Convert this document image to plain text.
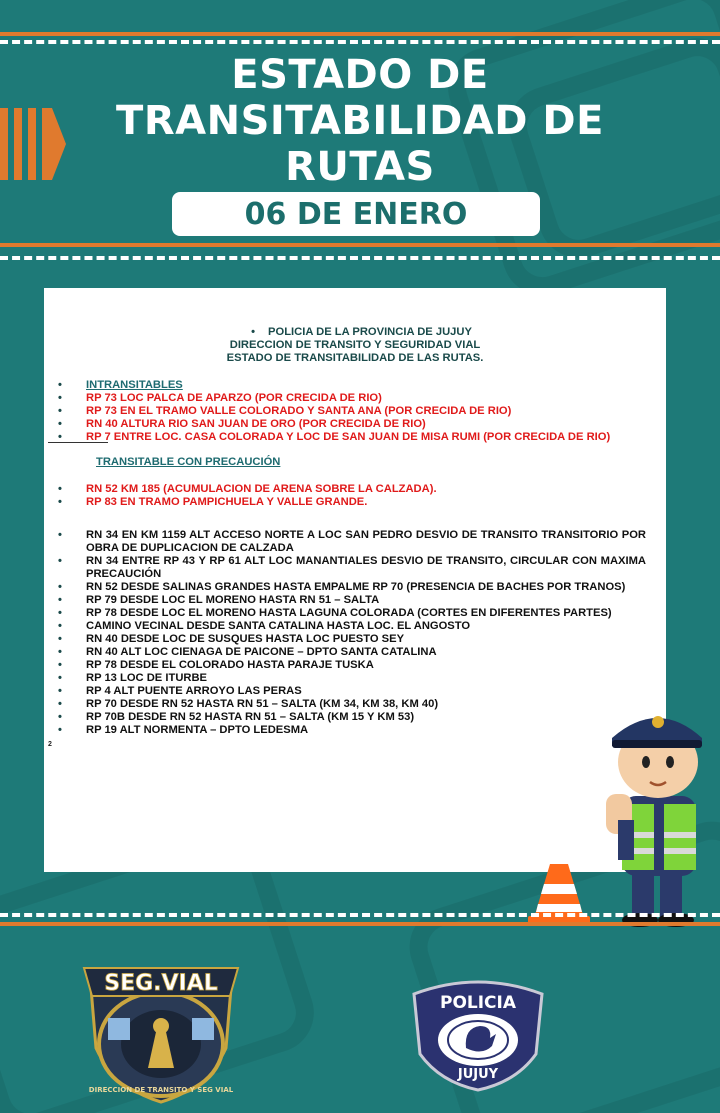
ESTADO DE
TRANSITABILIDAD DE
RUTAS
06 DE ENERO
• POLICIA DE LA PROVINCIA DE JUJUY
DIRECCION DE TRANSITO Y SEGURIDAD VIAL
ESTADO DE TRANSITABILIDAD DE LAS RUTAS.
• INTRANSITABLES
• RP 73 LOC PALCA DE APARZO (POR CRECIDA DE RIO)
• RP 73 EN EL TRAMO VALLE COLORADO Y SANTA ANA (POR CRECIDA DE RIO)
• RN 40 ALTURA RIO SAN JUAN DE ORO (POR CRECIDA DE RIO)
• RP 7 ENTRE LOC. CASA COLORADA Y LOC DE SAN JUAN DE MISA RUMI (POR CRECIDA DE RIO)
TRANSITABLE CON PRECAUCIÓN
• RN 52 KM 185 (ACUMULACION DE ARENA SOBRE LA CALZADA).
• RP 83 EN TRAMO PAMPICHUELA Y VALLE GRANDE.
• RN 34 EN KM 1159 ALT ACCESO NORTE A LOC SAN PEDRO DESVIO DE TRANSITO TRANSITORIO POR OBRA DE DUPLICACION DE CALZADA
• RN 34 ENTRE RP 43 Y RP 61 ALT LOC MANANTIALES DESVIO DE TRANSITO, CIRCULAR CON MAXIMA PRECAUCIÓN
• RN 52 DESDE SALINAS GRANDES HASTA EMPALME RP 70 (PRESENCIA DE BACHES POR TRANOS)
• RP 79 DESDE LOC EL MORENO HASTA RN 51 – SALTA
• RP 78 DESDE LOC EL MORENO HASTA LAGUNA COLORADA (CORTES EN DIFERENTES PARTES)
• CAMINO VECINAL DESDE SANTA CATALINA HASTA LOC. EL ANGOSTO
• RN 40 DESDE LOC DE SUSQUES HASTA LOC PUESTO SEY
• RN 40 ALT LOC CIENAGA DE PAICONE – DPTO SANTA CATALINA
• RP 78 DESDE EL COLORADO HASTA PARAJE TUSKA
• RP 13 LOC DE ITURBE
• RP 4 ALT PUENTE ARROYO LAS PERAS
• RP 70 DESDE RN 52 HASTA RN 51 – SALTA (KM 34, KM 38, KM 40)
• RP 70B DESDE RN 52 HASTA RN 51 – SALTA (KM 15 Y KM 53)
• RP 19 ALT NORMENTA – DPTO LEDESMA
2
SEG.VIAL
DIRECCION DE TRANSITO Y SEG VIAL
POLICIA
JUJUY
